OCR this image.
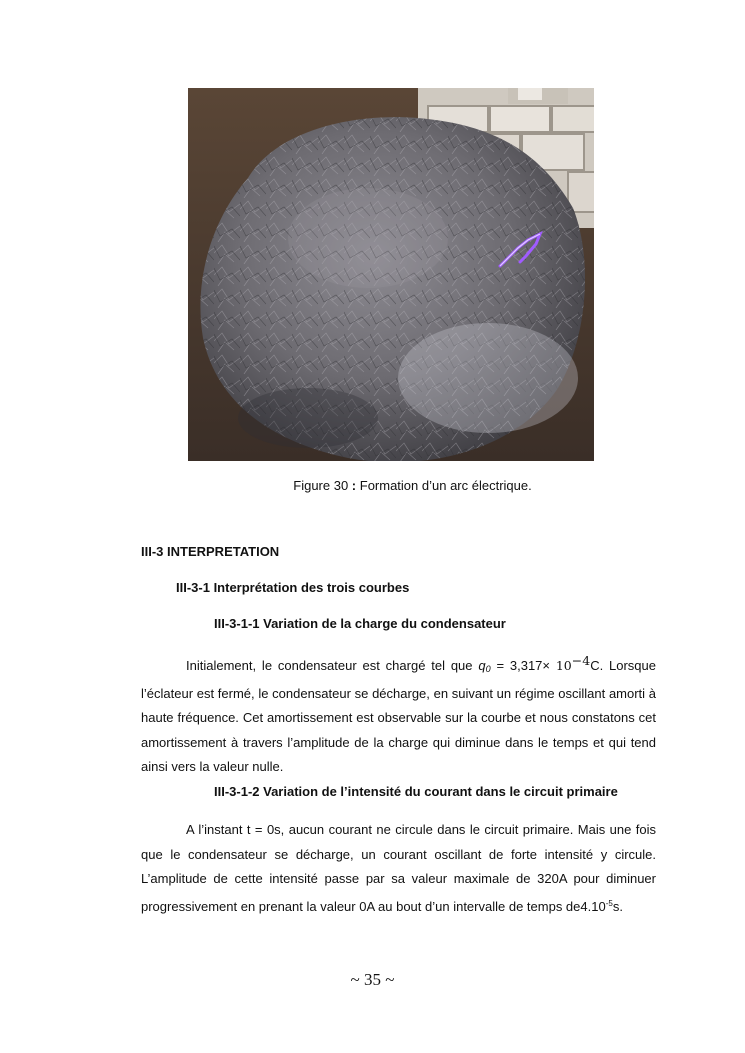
Figure 30 : Formation d’un arc électrique.
III-3 INTERPRETATION
III-3-1 Interprétation des trois courbes
III-3-1-1 Variation de la charge du condensateur
Initialement, le condensateur est chargé tel que $q_0 = 3,317\times 10-4C$. Lorsque l’éclateur est fermé, le condensateur se décharge, en suivant un régime oscillant amorti à haute fréquence. Cet amortissement est observable sur la courbe et nous constatons cet amortissement à travers l’amplitude de la charge qui diminue dans le temps et qui tend ainsi vers la valeur nulle.
III-3-1-2 Variation de l’intensité du courant dans le circuit primaire
A l’instant t = 0s, aucun courant ne circule dans le circuit primaire. Mais une fois que le condensateur se décharge, un courant oscillant de forte intensité y circule. L’amplitude de cette intensité passe par sa valeur maximale de 320A pour diminuer progressivement en prenant la valeur 0A au bout d’un intervalle de temps $de4.10^{-5}s$.
~ 35 ~
